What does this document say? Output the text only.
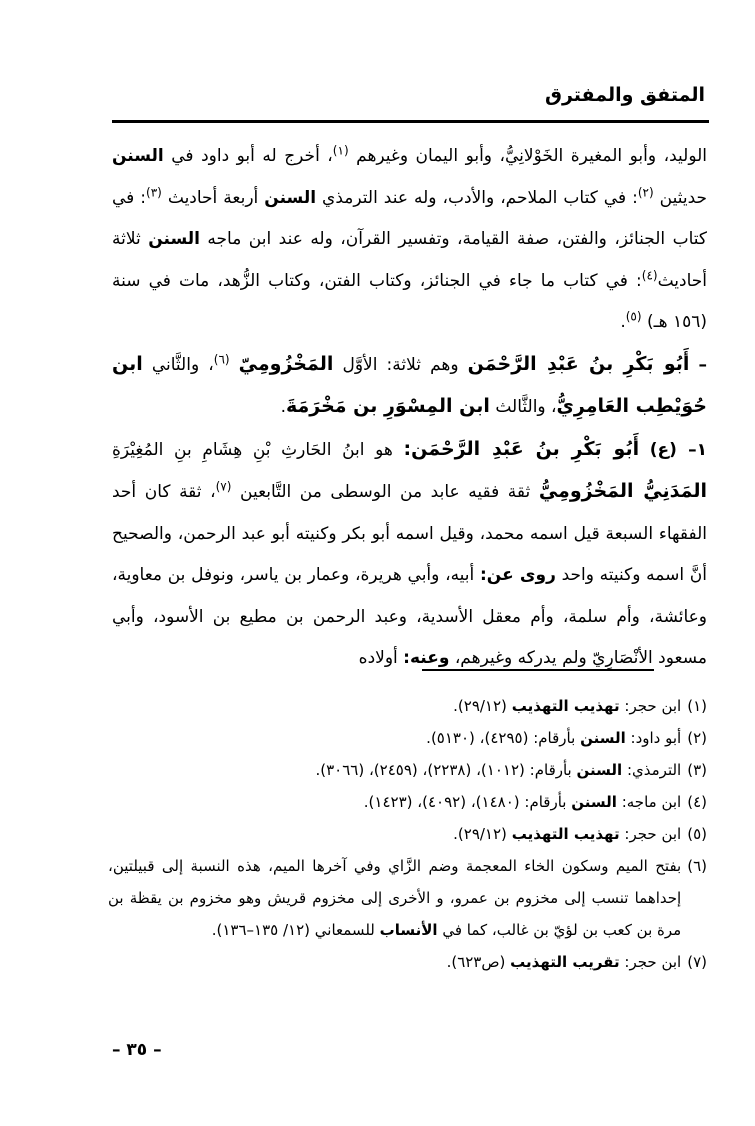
المتفق والمفترق

الوليد، وأبو المغيرة الخَوْلانِيُّ، وأبو اليمان وغيرهم $^{(١)}$، أخرج له أبو داود في السنن حديثين $^{(٢)}$: في كتاب الملاحم، والأدب، وله عند الترمذي السنن أربعة أحاديث $^{(٣)}$: في كتاب الجنائز، والفتن، صفة القيامة، وتفسير القرآن، وله عند ابن ماجه السنن ثلاثة أحاديث$^{(٤)}$: في كتاب ما جاء في الجنائز، وكتاب الفتن، وكتاب الزُّهد، مات في سنة (١٥٦ هـ) $^{(٥)}$.

– أَبُو بَكْرِ بنُ عَبْدِ الرَّحْمَن وهم ثلاثة: الأوَّل المَخْزُومِيّ $^{(٦)}$، والثَّاني ابن حُوَيْطِب العَامِرِيُّ، والثَّالث ابن المِسْوَرِ بن مَخْرَمَةَ.

١– (ع) أَبُو بَكْرِ بنُ عَبْدِ الرَّحْمَن: هو ابنُ الحَارثِ بْنِ هِشَامِ بنِ المُغِيْرَةِ المَدَنِيُّ المَخْزُومِيُّ ثقة فقيه عابد من الوسطى من التَّابعين $^{(٧)}$، ثقة كان أحد الفقهاء السبعة قيل اسمه محمد، وقيل اسمه أبو بكر وكنيته أبو عبد الرحمن، والصحيح أنَّ اسمه وكنيته واحد روى عن: أبيه، وأبي هريرة، وعمار بن ياسر، ونوفل بن معاوية، وعائشة، وأم سلمة، وأم معقل الأسدية، وعبد الرحمن بن مطيع بن الأسود، وأبي مسعود الأنْصَارِيّ ولم يدركه وغيرهم، وعنه: أولاده

(١)
ابن حجر: تهذيب التهذيب (٢٩/١٢).
(٢)
أبو داود: السنن بأرقام: (٤٢٩٥)، (٥١٣٠).
(٣)
الترمذي: السنن بأرقام: (١٠١٢)، (٢٢٣٨)، (٢٤٥٩)، (٣٠٦٦).
(٤)
ابن ماجه: السنن بأرقام: (١٤٨٠)، (٤٠٩٢)، (١٤٢٣).
(٥)
ابن حجر: تهذيب التهذيب (٢٩/١٢).
(٦)
بفتح الميم وسكون الخاء المعجمة وضم الزَّاي وفي آخرها الميم، هذه النسبة إلى قبيلتين، إحداهما تنسب إلى مخزوم بن عمرو، و الأخرى إلى مخزوم قريش وهو مخزوم بن يقظة بن مرة بن كعب بن لؤيّ بن غالب، كما في الأنساب للسمعاني (١٢/ ١٣٥–١٣٦).
(٧)
ابن حجر: تقريب التهذيب (ص٦٢٣).
– ٣٥ –
